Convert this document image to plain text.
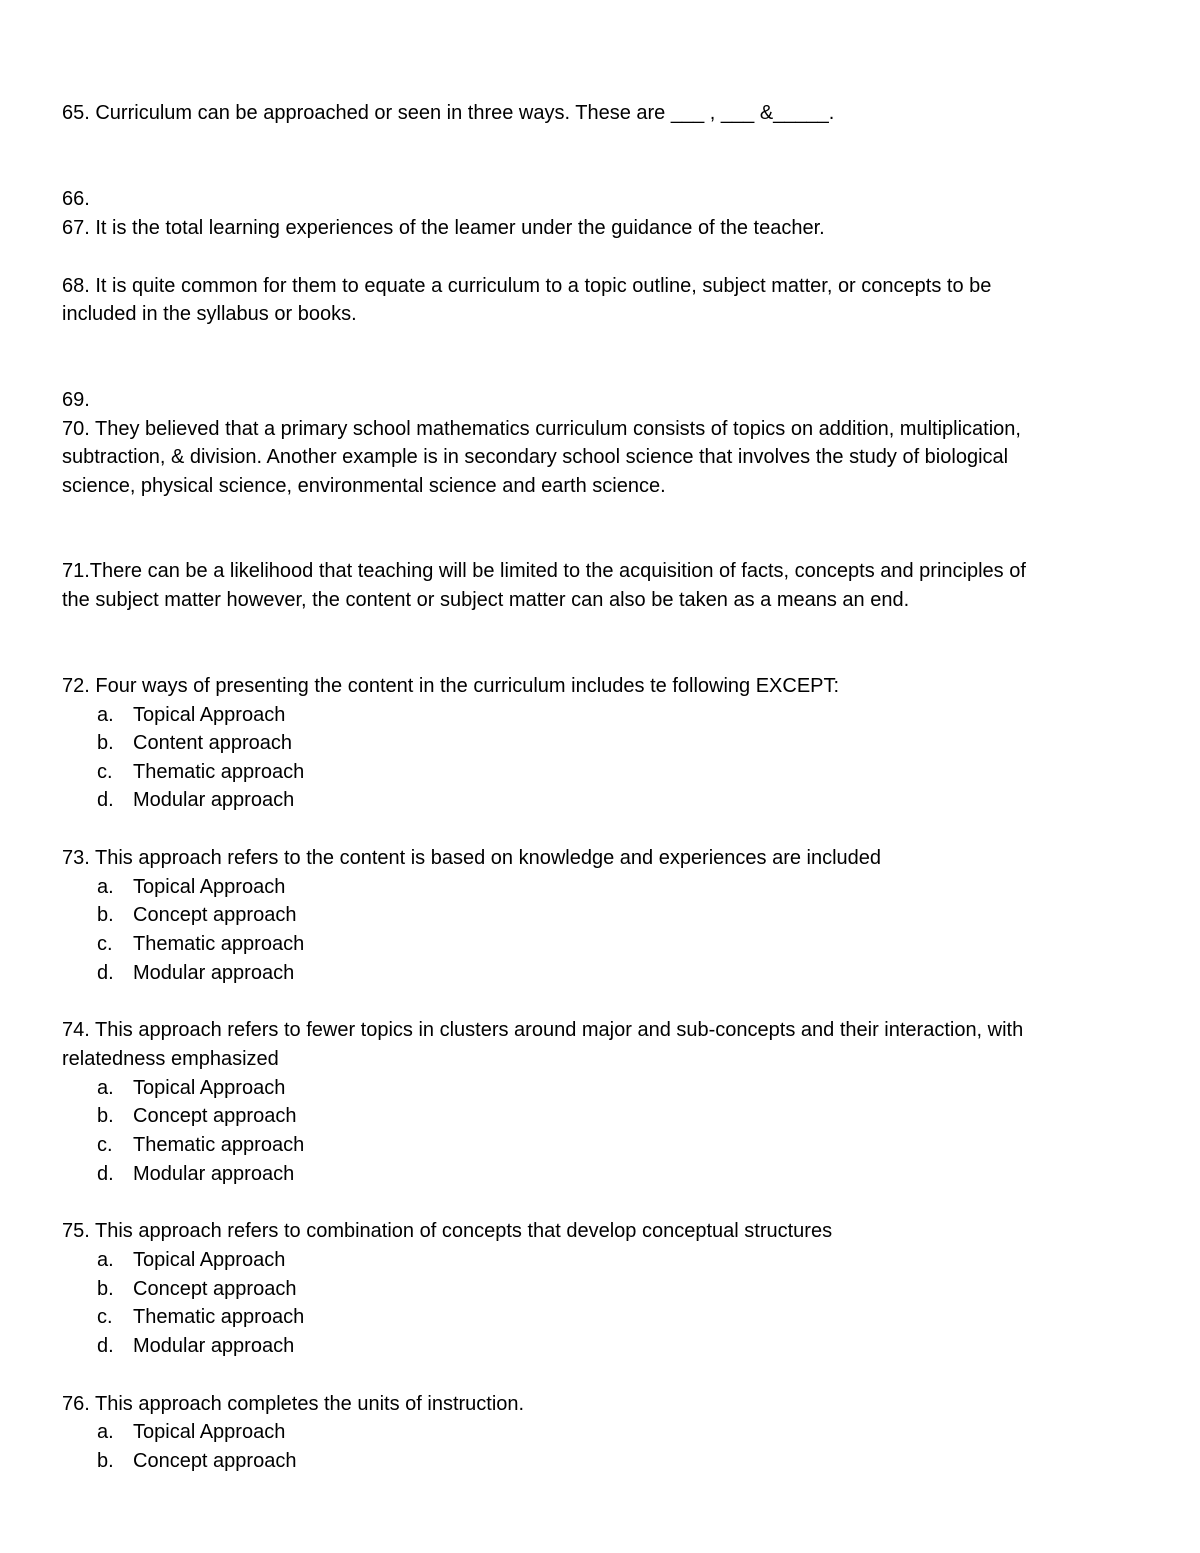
65. Curriculum can be approached or seen in three ways. These are ___ , ___ &_____.
66.
67. It is the total learning experiences of the leamer under the guidance of the teacher.
68. It is quite common for them to equate a curriculum to a topic outline, subject matter, or concepts to be
included in the syllabus or books.
69.
70. They believed that a primary school mathematics curriculum consists of topics on addition, multiplication,
subtraction, & division. Another example is in secondary school science that involves the study of biological
science, physical science, environmental science and earth science.
71.There can be a likelihood that teaching will be limited to the acquisition of facts, concepts and principles of
the subject matter however, the content or subject matter can also be taken as a means an end.
72. Four ways of presenting the content in the curriculum includes te following EXCEPT:
a. Topical Approach
b. Content approach
c. Thematic approach
d. Modular approach
73. This approach refers to the content is based on knowledge and experiences are included
a. Topical Approach
b. Concept approach
c. Thematic approach
d. Modular approach
74. This approach refers to fewer topics in clusters around major and sub-concepts and their interaction, with
relatedness emphasized
a. Topical Approach
b. Concept approach
c. Thematic approach
d. Modular approach
75. This approach refers to combination of concepts that develop conceptual structures
a. Topical Approach
b. Concept approach
c. Thematic approach
d. Modular approach
76. This approach completes the units of instruction.
a. Topical Approach
b. Concept approach
